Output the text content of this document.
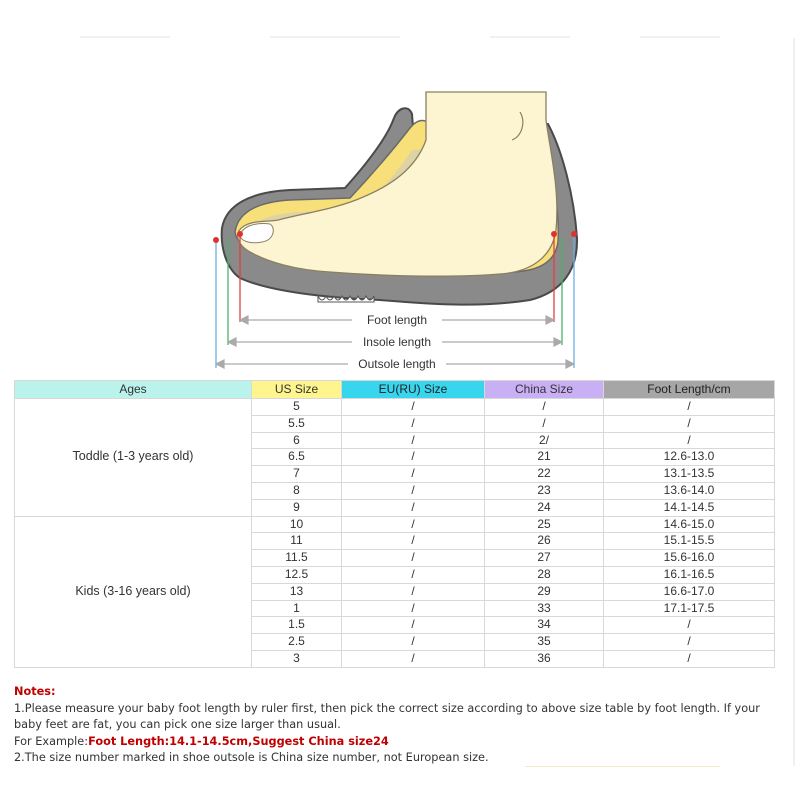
Foot length
Insole length
Outsole length
Ages	US Size	EU(RU) Size	China Size	Foot Length/cm
Toddle (1-3 years old)	5	/	/	/
	5.5	/	/	/
	6	/	2/	/
	6.5	/	21	12.6-13.0
	7	/	22	13.1-13.5
	8	/	23	13.6-14.0
	9	/	24	14.1-14.5
Kids (3-16 years old)	10	/	25	14.6-15.0
	11	/	26	15.1-15.5
	11.5	/	27	15.6-16.0
	12.5	/	28	16.1-16.5
	13	/	29	16.6-17.0
	1	/	33	17.1-17.5
	1.5	/	34	/
	2.5	/	35	/
	3	/	36	/

Notes:

1.Please measure your baby foot length by ruler first, then pick the correct size according to above size table by foot length. If your baby feet are fat, you can pick one size larger than usual.

For Example:Foot Length:14.1-14.5cm,Suggest China size24

2.The size number marked in shoe outsole is China size number, not European size.
